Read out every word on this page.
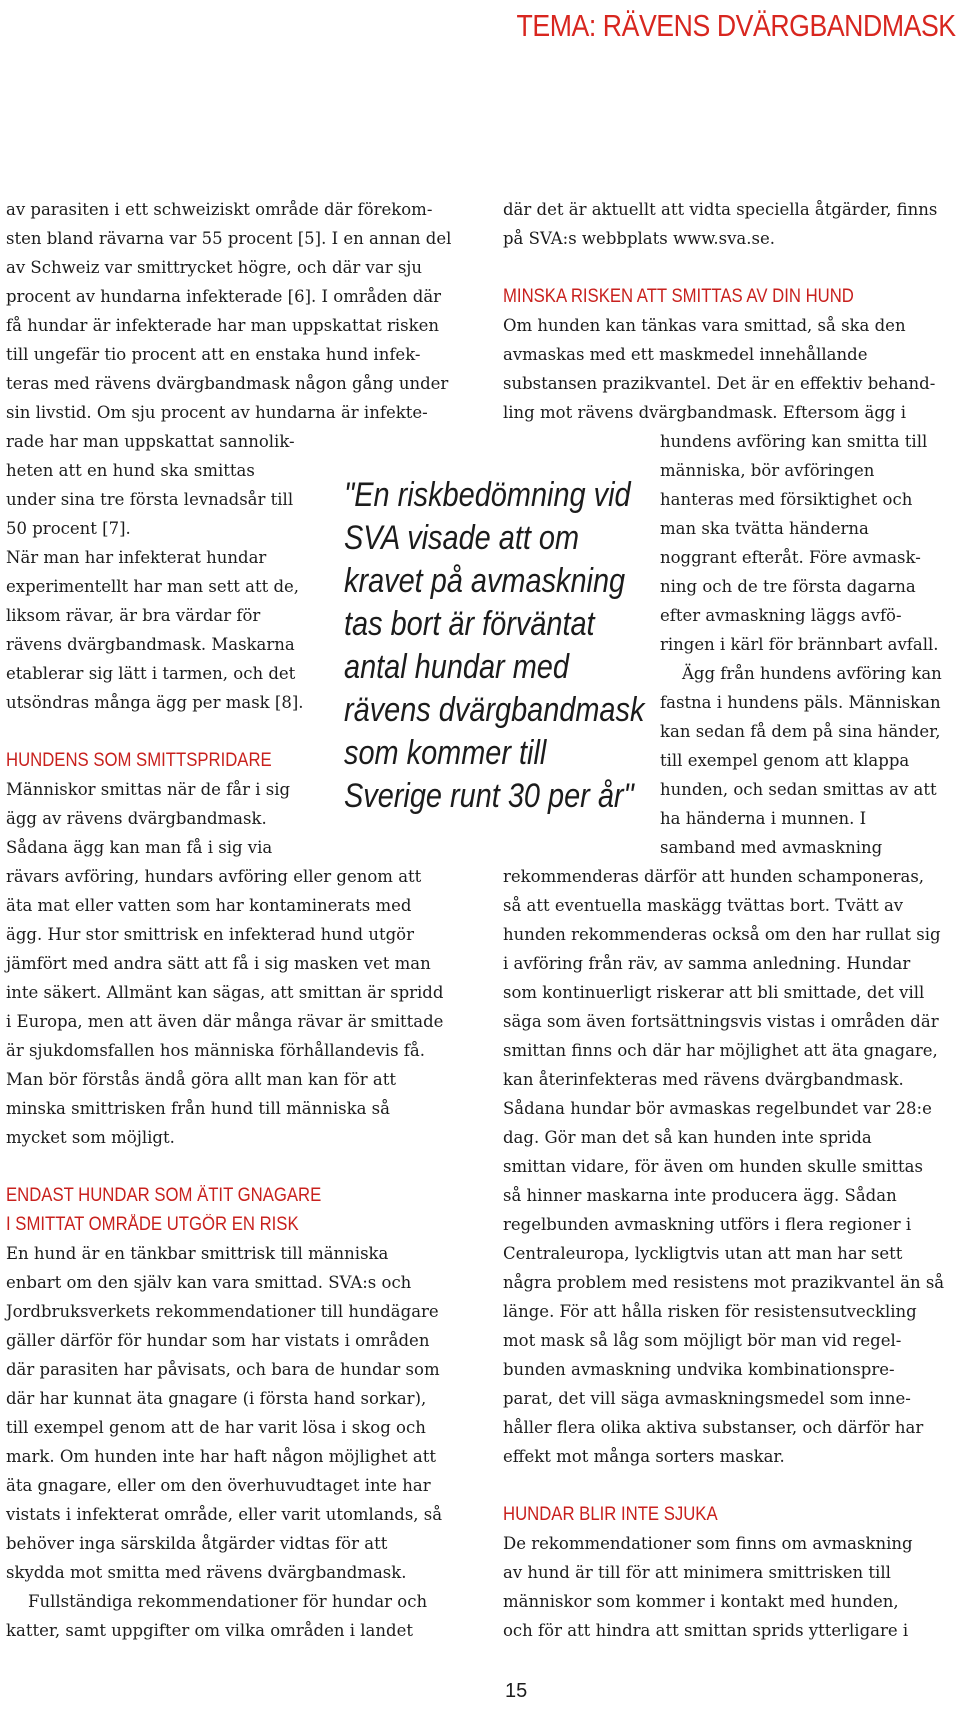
TEMA: RÄVENS DVÄRGBANDMASK

av parasiten i ett schweiziskt område där förekom-
sten bland rävarna var 55 procent [5]. I en annan del
av Schweiz var smittrycket högre, och där var sju
procent av hundarna infekterade [6]. I områden där
få hundar är infekterade har man uppskattat risken
till ungefär tio procent att en enstaka hund infek-
teras med rävens dvärgbandmask någon gång under
sin livstid. Om sju procent av hundarna är infekte-
rade har man uppskattat sannolik-
heten att en hund ska smittas
under sina tre första levnadsår till
50 procent [7].
När man har infekterat hundar
experimentellt har man sett att de,
liksom rävar, är bra värdar för
rävens dvärgbandmask. Maskarna
etablerar sig lätt i tarmen, och det
utsöndras många ägg per mask [8].

HUNDENS SOM SMITTSPRIDARE

Människor smittas när de får i sig
ägg av rävens dvärgbandmask.
Sådana ägg kan man få i sig via
rävars avföring, hundars avföring eller genom att
äta mat eller vatten som har kontaminerats med
ägg. Hur stor smittrisk en infekterad hund utgör
jämfört med andra sätt att få i sig masken vet man
inte säkert. Allmänt kan sägas, att smittan är spridd
i Europa, men att även där många rävar är smittade
är sjukdomsfallen hos människa förhållandevis få.
Man bör förstås ändå göra allt man kan för att
minska smittrisken från hund till människa så
mycket som möjligt.

ENDAST HUNDAR SOM ÄTIT GNAGARE
I SMITTAT OMRÅDE UTGÖR EN RISK

En hund är en tänkbar smittrisk till människa
enbart om den själv kan vara smittad. SVA:s och
Jordbruksverkets rekommendationer till hundägare
gäller därför för hundar som har vistats i områden
där parasiten har påvisats, och bara de hundar som
där har kunnat äta gnagare (i första hand sorkar),
till exempel genom att de har varit lösa i skog och
mark. Om hunden inte har haft någon möjlighet att
äta gnagare, eller om den överhuvudtaget inte har
vistats i infekterat område, eller varit utomlands, så
behöver inga särskilda åtgärder vidtas för att
skydda mot smitta med rävens dvärgbandmask.

Fullständiga rekommendationer för hundar och
katter, samt uppgifter om vilka områden i landet

"En riskbedömning vid
SVA visade att om
kravet på avmaskning
tas bort är förväntat
antal hundar med
rävens dvärgbandmask
som kommer till
Sverige runt 30 per år"

där det är aktuellt att vidta speciella åtgärder, finns
på SVA:s webbplats www.sva.se.

MINSKA RISKEN ATT SMITTAS AV DIN HUND

Om hunden kan tänkas vara smittad, så ska den
avmaskas med ett maskmedel innehållande
substansen prazikvantel. Det är en effektiv behand-
ling mot rävens dvärgbandmask. Eftersom ägg i
hundens avföring kan smitta till
människa, bör avföringen
hanteras med försiktighet och
man ska tvätta händerna
noggrant efteråt. Före avmask-
ning och de tre första dagarna
efter avmaskning läggs avfö-
ringen i kärl för brännbart avfall.

Ägg från hundens avföring kan
fastna i hundens päls. Människan
kan sedan få dem på sina händer,
till exempel genom att klappa
hunden, och sedan smittas av att
ha händerna i munnen. I
samband med avmaskning
rekommenderas därför att hunden schamponeras,
så att eventuella maskägg tvättas bort. Tvätt av
hunden rekommenderas också om den har rullat sig
i avföring från räv, av samma anledning. Hundar
som kontinuerligt riskerar att bli smittade, det vill
säga som även fortsättningsvis vistas i områden där
smittan finns och där har möjlighet att äta gnagare,
kan återinfekteras med rävens dvärgbandmask.
Sådana hundar bör avmaskas regelbundet var 28:e
dag. Gör man det så kan hunden inte sprida
smittan vidare, för även om hunden skulle smittas
så hinner maskarna inte producera ägg. Sådan
regelbunden avmaskning utförs i flera regioner i
Centraleuropa, lyckligtvis utan att man har sett
några problem med resistens mot prazikvantel än så
länge. För att hålla risken för resistensutveckling
mot mask så låg som möjligt bör man vid regel-
bunden avmaskning undvika kombinationspre-
parat, det vill säga avmaskningsmedel som inne-
håller flera olika aktiva substanser, och därför har
effekt mot många sorters maskar.

HUNDAR BLIR INTE SJUKA

De rekommendationer som finns om avmaskning
av hund är till för att minimera smittrisken till
människor som kommer i kontakt med hunden,
och för att hindra att smittan sprids ytterligare i

15
